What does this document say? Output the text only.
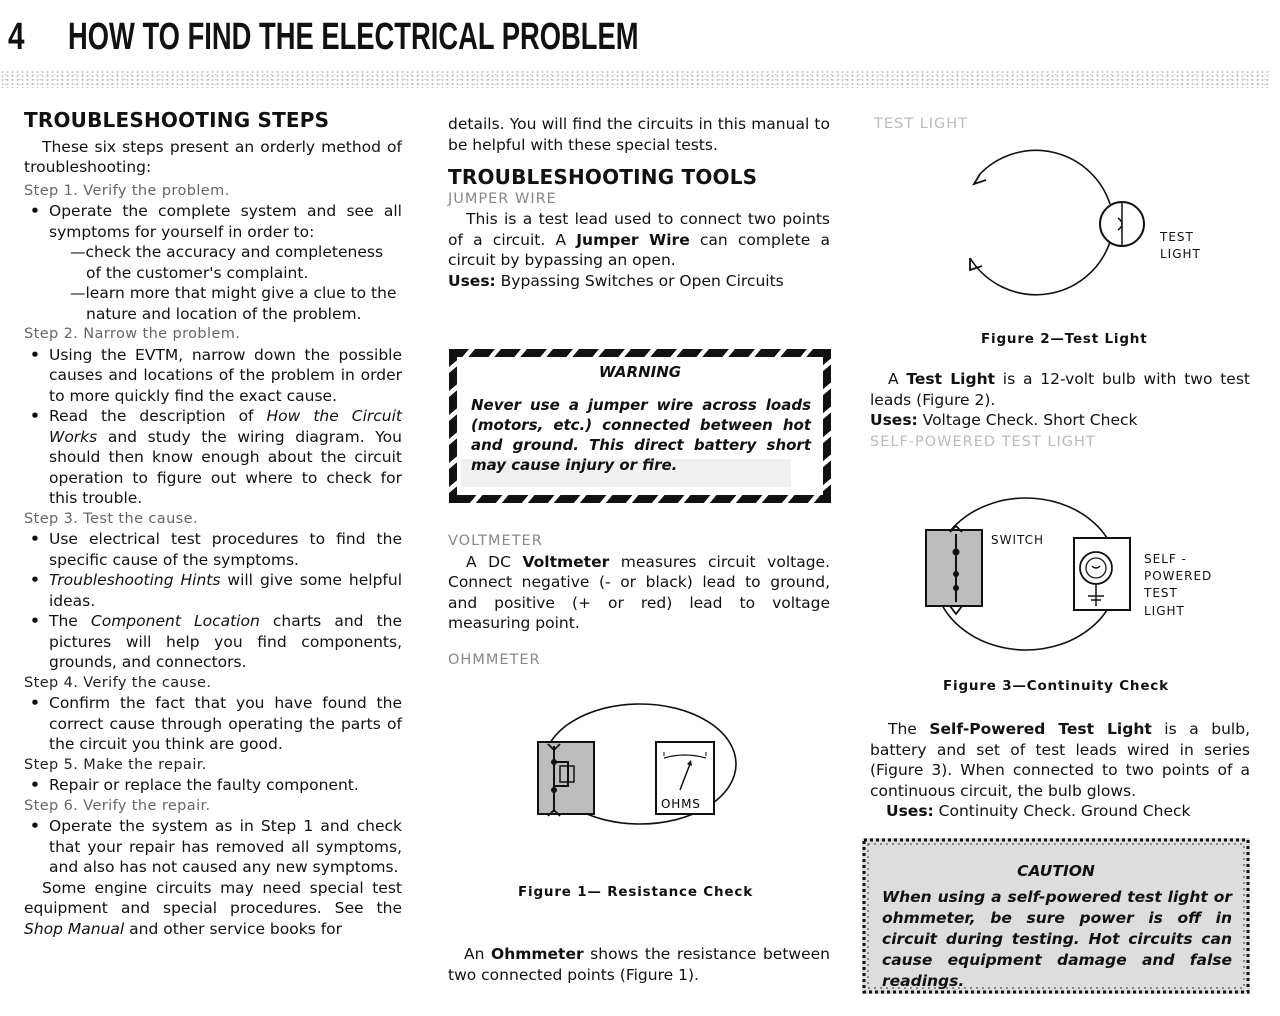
4 HOW TO FIND THE ELECTRICAL PROBLEM
TROUBLESHOOTING STEPS

These six steps present an orderly method of troubleshooting:

Step 1. Verify the problem.
• Operate the complete system and see all symptoms for yourself in order to:
—check the accuracy and completeness of the customer's complaint.
—learn more that might give a clue to the nature and location of the problem.
Step 2. Narrow the problem.
• Using the EVTM, narrow down the possible causes and locations of the problem in order to more quickly find the exact cause.
• Read the description of How the Circuit Works and study the wiring diagram. You should then know enough about the circuit operation to figure out where to check for this trouble.
Step 3. Test the cause.
• Use electrical test procedures to find the specific cause of the symptoms.
• Troubleshooting Hints will give some helpful ideas.
• The Component Location charts and the pictures will help you find components, grounds, and connectors.
Step 4. Verify the cause.
• Confirm the fact that you have found the correct cause through operating the parts of the circuit you think are good.
Step 5. Make the repair.
• Repair or replace the faulty component.
Step 6. Verify the repair.
• Operate the system as in Step 1 and check that your repair has removed all symptoms, and also has not caused any new symptoms.

Some engine circuits may need special test equipment and special procedures. See the Shop Manual and other service books for

details. You will find the circuits in this manual to be helpful with these special tests.

TROUBLESHOOTING TOOLS
JUMPER WIRE

This is a test lead used to connect two points of a circuit. A Jumper Wire can complete a circuit by bypassing an open.

Uses: Bypassing Switches or Open Circuits

WARNING
Never use a jumper wire across loads (motors, etc.) connected between hot and ground. This direct battery short may cause injury or fire.
VOLTMETER

A DC Voltmeter measures circuit voltage. Connect negative (- or black) lead to ground, and positive (+ or red) lead to voltage measuring point.

OHMMETER
OHMS
Figure 1— Resistance Check

An Ohmmeter shows the resistance between two connected points (Figure 1).

TEST LIGHT
TEST
LIGHT
Figure 2—Test Light

A Test Light is a 12-volt bulb with two test leads (Figure 2).

Uses: Voltage Check. Short Check

SELF-POWERED TEST LIGHT
SWITCH
SELF -
POWERED
TEST
LIGHT
Figure 3—Continuity Check

The Self-Powered Test Light is a bulb, battery and set of test leads wired in series (Figure 3). When connected to two points of a continuous circuit, the bulb glows.

Uses: Continuity Check. Ground Check

CAUTION
When using a self-powered test light or ohmmeter, be sure power is off in circuit during testing. Hot circuits can cause equipment damage and false readings.
